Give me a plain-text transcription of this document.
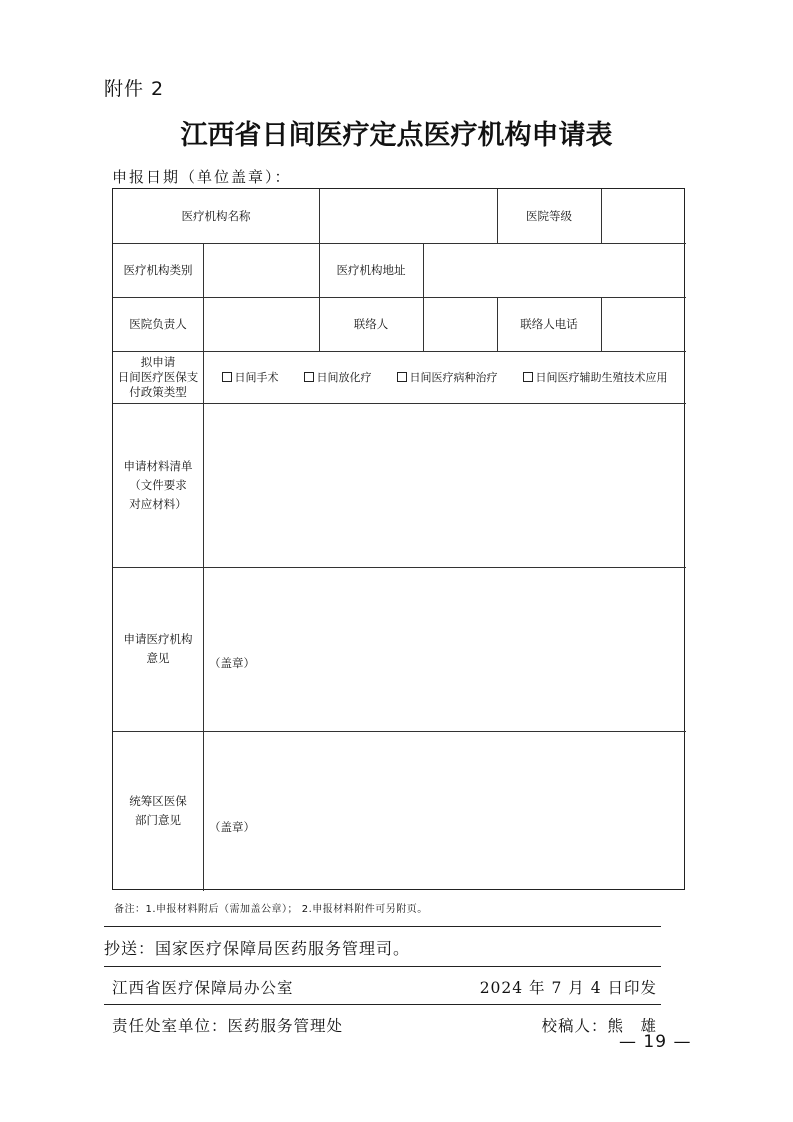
附件 2
江西省日间医疗定点医疗机构申请表
申报日期（单位盖章）：
医疗机构名称	医院等级
医疗机构类别	医疗机构地址
医院负责人	联络人	联络人电话
拟申请
日间医疗医保支
付政策类型
日间手术	日间放化疗	日间医疗病种治疗	日间医疗辅助生殖技术应用
申请材料清单
（文件要求
对应材料）
申请医疗机构
意见	（盖章）
统筹区医保
部门意见	（盖章）
备注：1.申报材料附后（需加盖公章）； 2.申报材料附件可另附页。
抄送：国家医疗保障局医药服务管理司。
江西省医疗保障局办公室	2024 年 7 月 4 日印发
责任处室单位：医药服务管理处	校稿人：熊　雄
— 19 —
